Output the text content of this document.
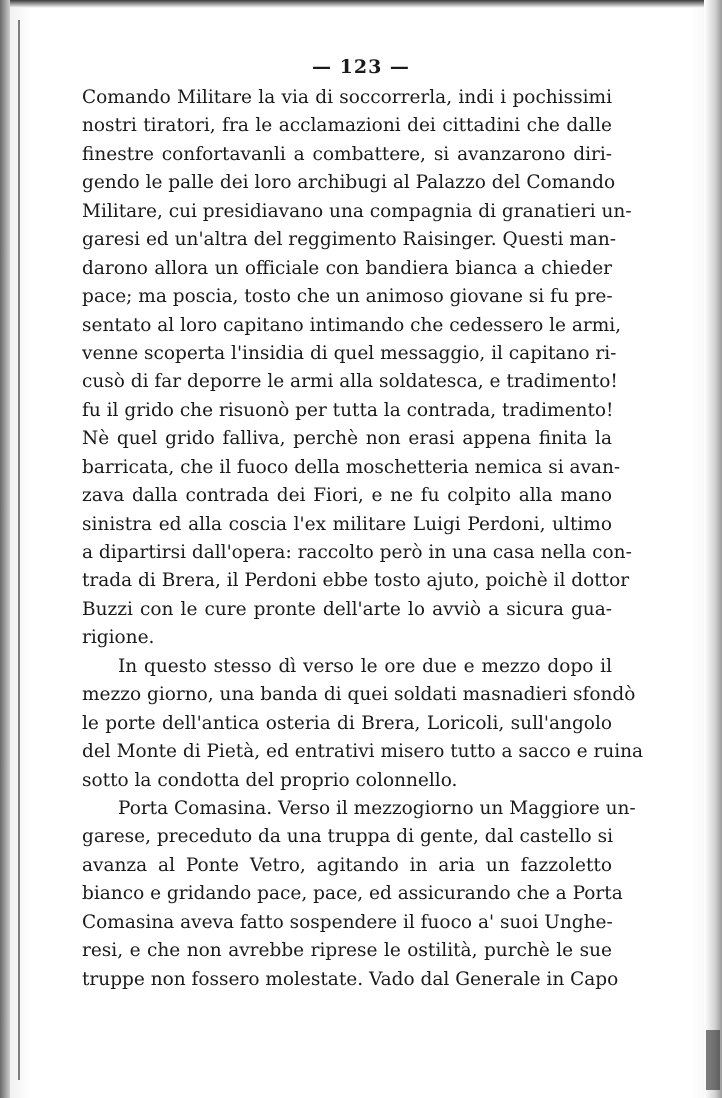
— 123 —
Comando Militare la via di soccorrerla, indi i pochissimi
nostri tiratori, fra le acclamazioni dei cittadini che dalle
finestre confortavanli a combattere, si avanzarono diri-
gendo le palle dei loro archibugi al Palazzo del Comando
Militare, cui presidiavano una compagnia di granatieri un-
garesi ed un'altra del reggimento Raisinger. Questi man-
darono allora un officiale con bandiera bianca a chieder
pace; ma poscia, tosto che un animoso giovane si fu pre-
sentato al loro capitano intimando che cedessero le armi,
venne scoperta l'insidia di quel messaggio, il capitano ri-
cusò di far deporre le armi alla soldatesca, e tradimento!
fu il grido che risuonò per tutta la contrada, tradimento!
Nè quel grido falliva, perchè non erasi appena finita la
barricata, che il fuoco della moschetteria nemica si avan-
zava dalla contrada dei Fiori, e ne fu colpito alla mano
sinistra ed alla coscia l'ex militare Luigi Perdoni, ultimo
a dipartirsi dall'opera: raccolto però in una casa nella con-
trada di Brera, il Perdoni ebbe tosto ajuto, poichè il dottor
Buzzi con le cure pronte dell'arte lo avviò a sicura gua-
rigione.
In questo stesso dì verso le ore due e mezzo dopo il
mezzo giorno, una banda di quei soldati masnadieri sfondò
le porte dell'antica osteria di Brera, Loricoli, sull'angolo
del Monte di Pietà, ed entrativi misero tutto a sacco e ruina
sotto la condotta del proprio colonnello.
Porta Comasina. Verso il mezzogiorno un Maggiore un-
garese, preceduto da una truppa di gente, dal castello si
avanza al Ponte Vetro, agitando in aria un fazzoletto
bianco e gridando pace, pace, ed assicurando che a Porta
Comasina aveva fatto sospendere il fuoco a' suoi Unghe-
resi, e che non avrebbe riprese le ostilità, purchè le sue
truppe non fossero molestate. Vado dal Generale in Capo
